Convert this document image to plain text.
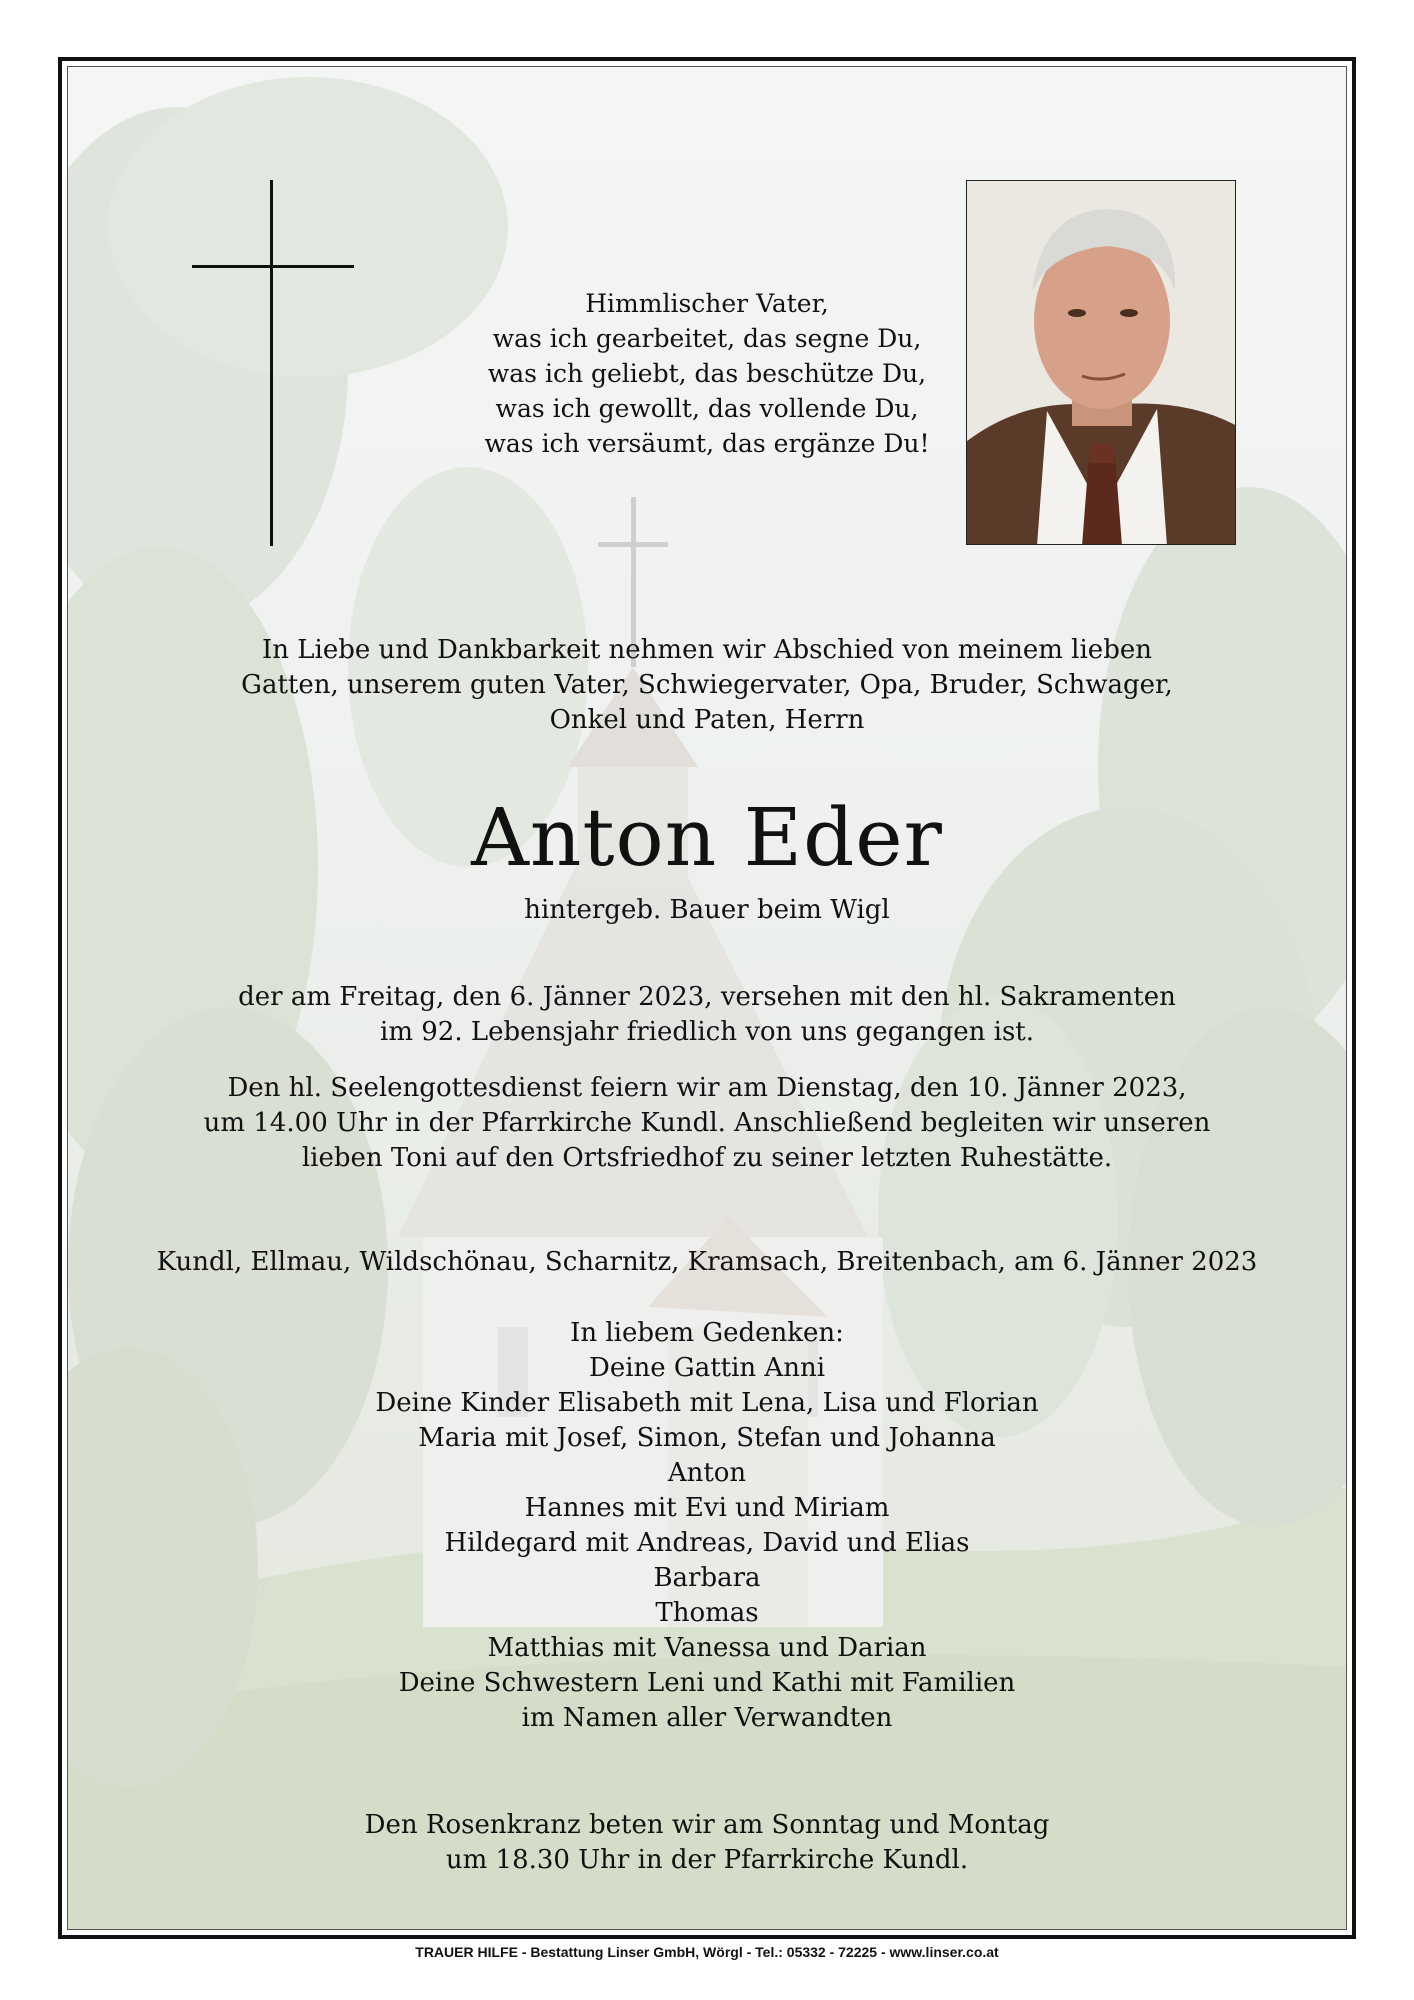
Himmlischer Vater,
was ich gearbeitet, das segne Du,
was ich geliebt, das beschütze Du,
was ich gewollt, das vollende Du,
was ich versäumt, das ergänze Du!
In Liebe und Dankbarkeit nehmen wir Abschied von meinem lieben
Gatten, unserem guten Vater, Schwiegervater, Opa, Bruder, Schwager,
Onkel und Paten, Herrn
Anton Eder
hintergeb. Bauer beim Wigl
der am Freitag, den 6. Jänner 2023, versehen mit den hl. Sakramenten
im 92. Lebensjahr friedlich von uns gegangen ist.
Den hl. Seelengottesdienst feiern wir am Dienstag, den 10. Jänner 2023,
um 14.00 Uhr in der Pfarrkirche Kundl. Anschließend begleiten wir unseren
lieben Toni auf den Ortsfriedhof zu seiner letzten Ruhestätte.
Kundl, Ellmau, Wildschönau, Scharnitz, Kramsach, Breitenbach, am 6. Jänner 2023
In liebem Gedenken:
Deine Gattin Anni
Deine Kinder Elisabeth mit Lena, Lisa und Florian
Maria mit Josef, Simon, Stefan und Johanna
Anton
Hannes mit Evi und Miriam
Hildegard mit Andreas, David und Elias
Barbara
Thomas
Matthias mit Vanessa und Darian
Deine Schwestern Leni und Kathi mit Familien
im Namen aller Verwandten
Den Rosenkranz beten wir am Sonntag und Montag
um 18.30 Uhr in der Pfarrkirche Kundl.
TRAUER HILFE - Bestattung Linser GmbH, Wörgl - Tel.: 05332 - 72225 - www.linser.co.at
